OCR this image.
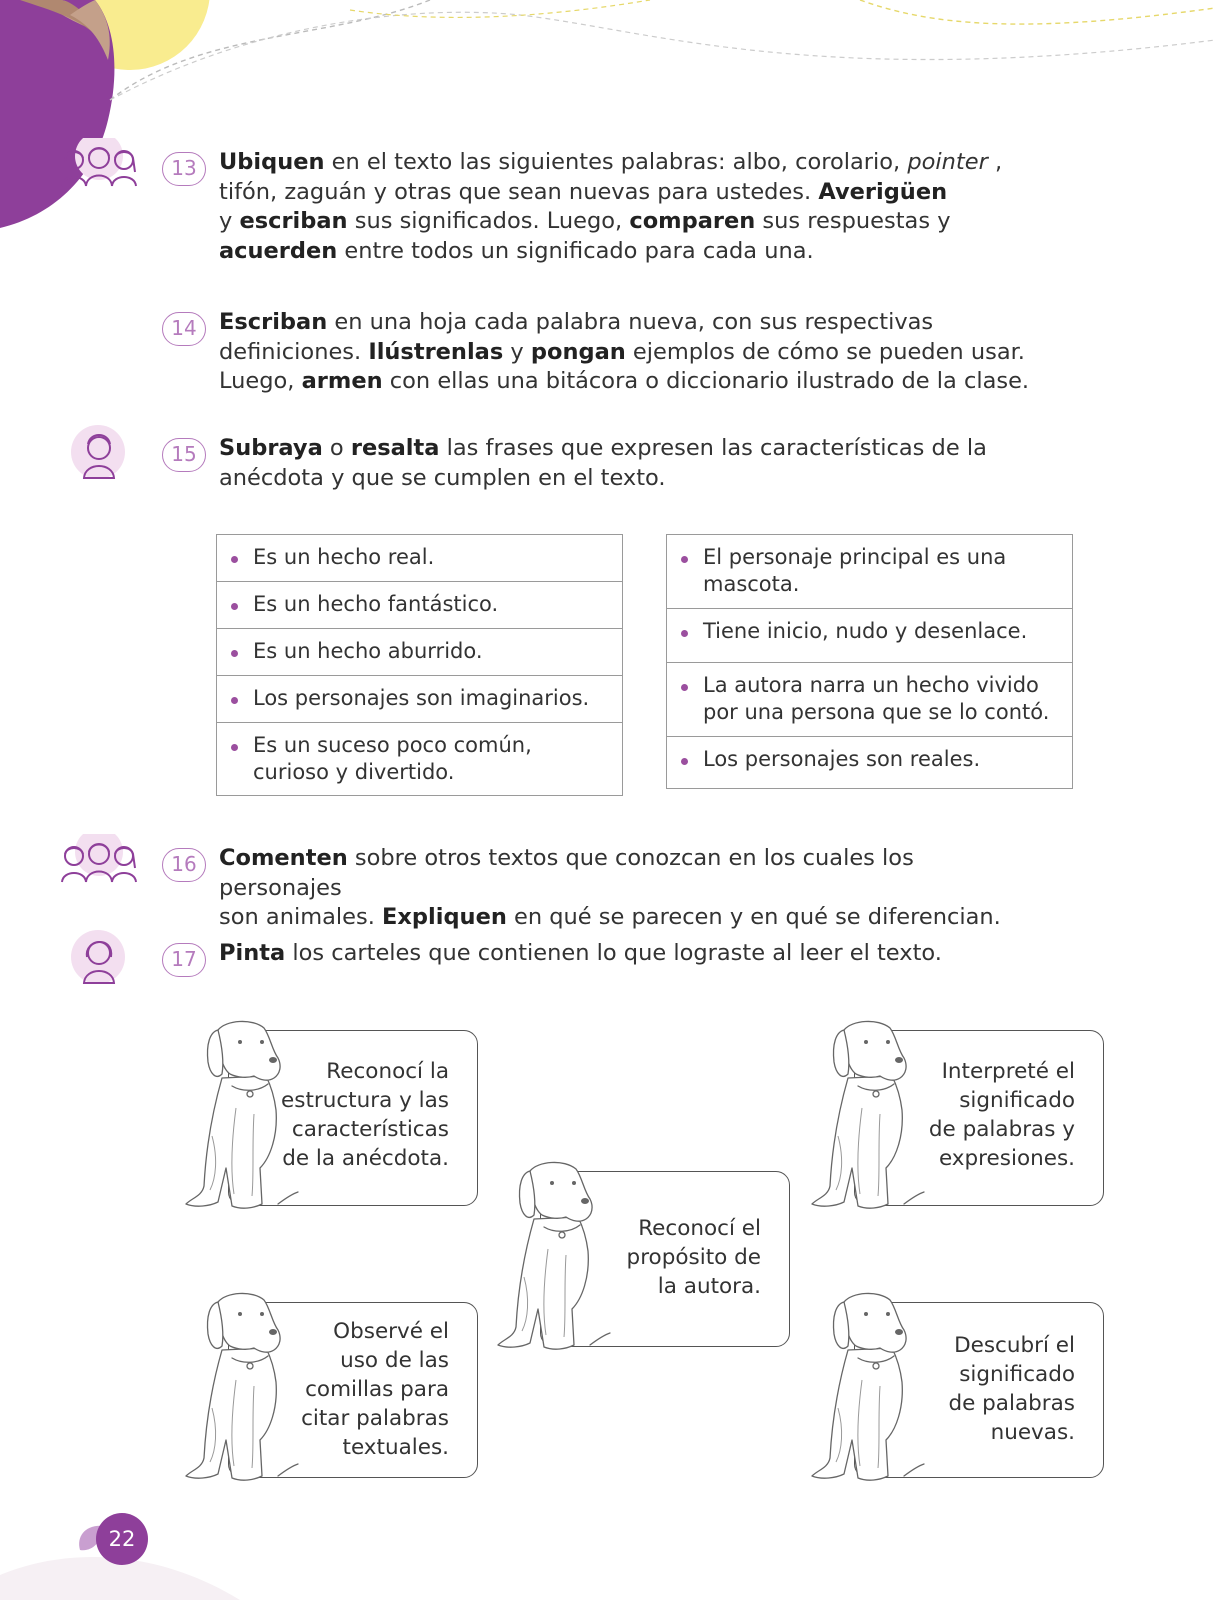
13 Ubiquen en el texto las siguientes palabras: albo, corolario, pointer ,
tifón, zaguán y otras que sean nuevas para ustedes. Averigüen
y escriban sus significados. Luego, comparen sus respuestas y
acuerden entre todos un significado para cada una.
14 Escriban en una hoja cada palabra nueva, con sus respectivas
definiciones. Ilústrenlas y pongan ejemplos de cómo se pueden usar.
Luego, armen con ellas una bitácora o diccionario ilustrado de la clase.
15 Subraya o resalta las frases que expresen las características de la
anécdota y que se cumplen en el texto.
Es un hecho real.
Es un hecho fantástico.
Es un hecho aburrido.
Los personajes son imaginarios.
Es un suceso poco común, curioso y divertido.
El personaje principal es una mascota.
Tiene inicio, nudo y desenlace.
La autora narra un hecho vivido por una persona que se lo contó.
Los personajes son reales.
16 Comenten sobre otros textos que conozcan en los cuales los personajes
son animales. Expliquen en qué se parecen y en qué se diferencian.
17 Pinta los carteles que contienen lo que lograste al leer el texto.
Reconocí la
estructura y las
características
de la anécdota.
Interpreté el
significado
de palabras y
expresiones.
Reconocí el
propósito de
la autora.
Observé el
uso de las
comillas para
citar palabras
textuales.
Descubrí el
significado
de palabras
nuevas.
22
